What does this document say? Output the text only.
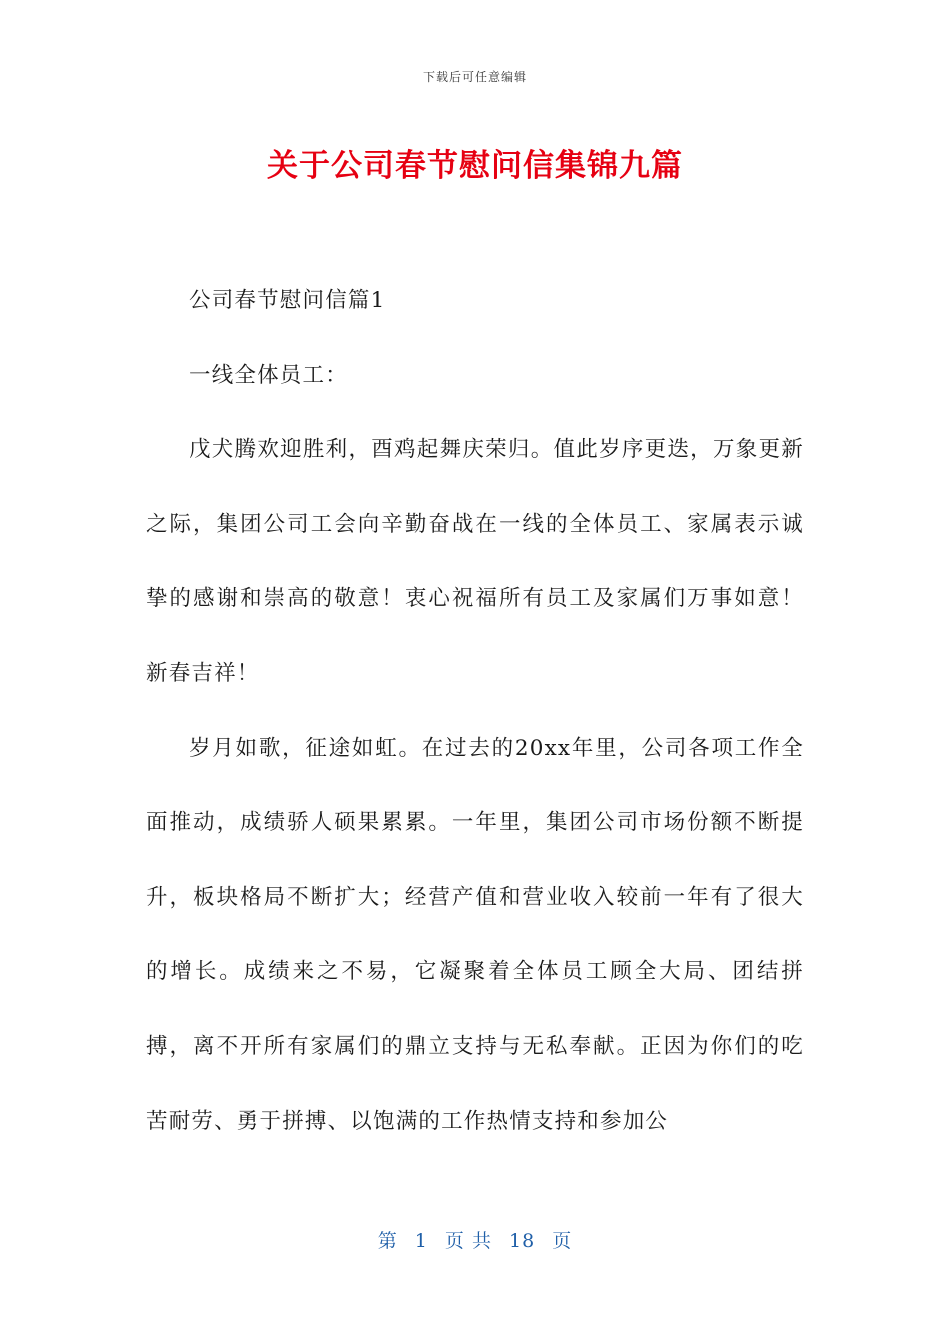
下载后可任意编辑
关于公司春节慰问信集锦九篇

公司春节慰问信篇1

一线全体员工：

戊犬腾欢迎胜利，酉鸡起舞庆荣归。值此岁序更迭，万象更新之际，集团公司工会向辛勤奋战在一线的全体员工、家属表示诚挚的感谢和崇高的敬意！衷心祝福所有员工及家属们万事如意！新春吉祥！

岁月如歌，征途如虹。在过去的20xx年里，公司各项工作全面推动，成绩骄人硕果累累。一年里，集团公司市场份额不断提升，板块格局不断扩大；经营产值和营业收入较前一年有了很大的增长。成绩来之不易，它凝聚着全体员工顾全大局、团结拼搏，离不开所有家属们的鼎立支持与无私奉献。正因为你们的吃苦耐劳、勇于拼搏、以饱满的工作热情支持和参加公

第 1 页 共 18 页
